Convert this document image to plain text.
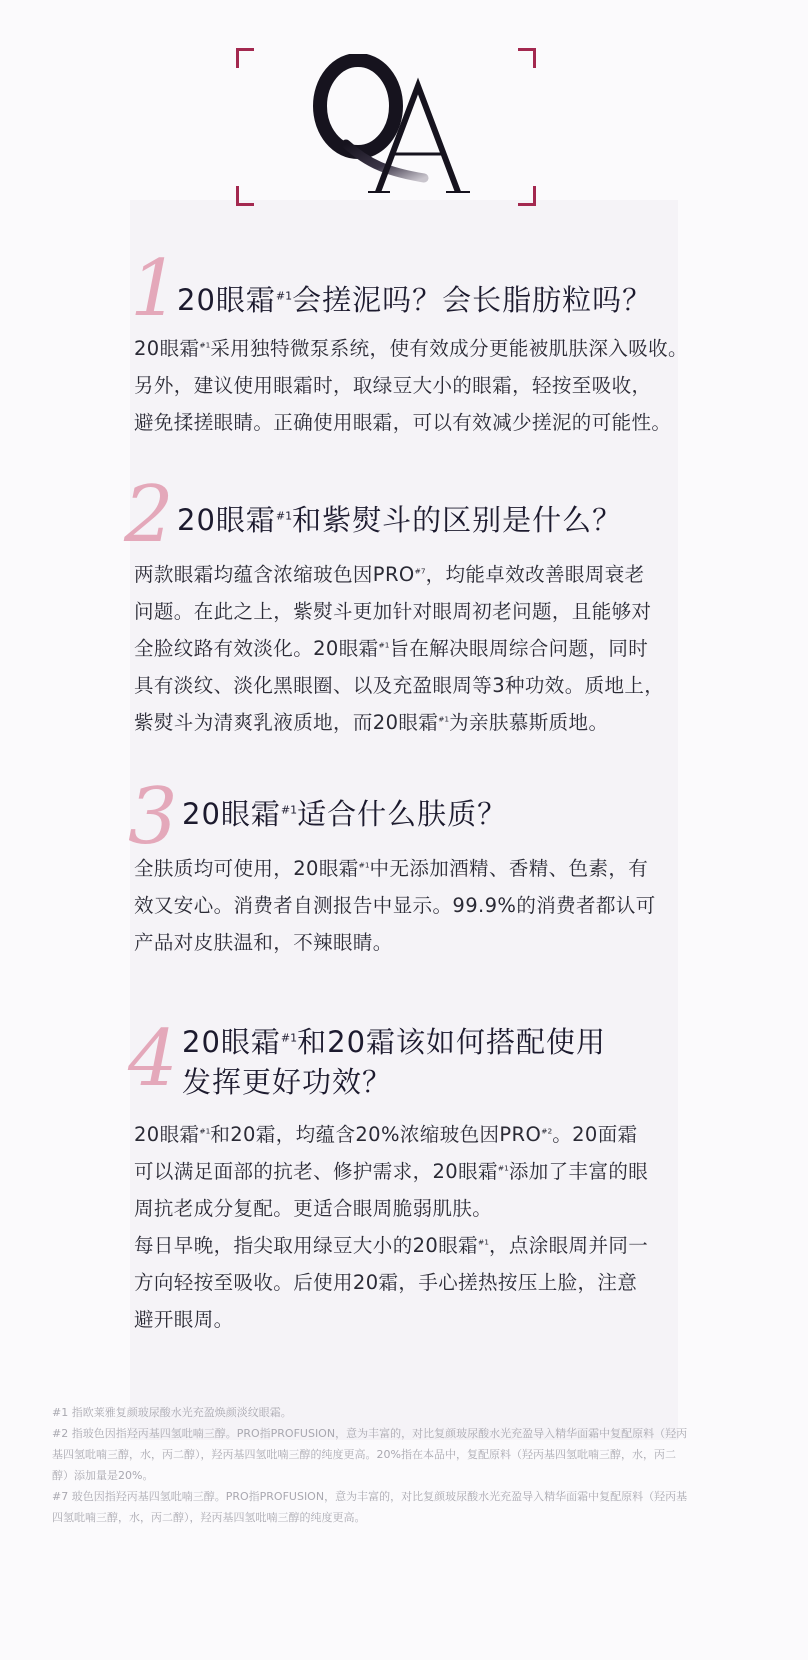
1
20眼霜$^{\#1}$会搓泥吗？会长脂肪粒吗？

20眼霜$^{\#1}$采用独特微泵系统，使有效成分更能被肌肤深入吸收。

另外，建议使用眼霜时，取绿豆大小的眼霜，轻按至吸收，

避免揉搓眼睛。正确使用眼霜，可以有效减少搓泥的可能性。

2 20眼霜$^{\#1}$和紫熨斗的区别是什么？

两款眼霜均蕴含浓缩玻色因PRO$^{\#7}$，均能卓效改善眼周衰老

问题。在此之上，紫熨斗更加针对眼周初老问题，且能够对

全脸纹路有效淡化。20眼霜$^{\#1}$旨在解决眼周综合问题，同时

具有淡纹、淡化黑眼圈、以及充盈眼周等3种功效。质地上，

紫熨斗为清爽乳液质地，而20眼霜$^{\#1}$为亲肤慕斯质地。

3 20眼霜$^{\#1}$适合什么肤质？

全肤质均可使用，20眼霜$^{\#1}$中无添加酒精、香精、色素，有

效又安心。消费者自测报告中显示。99.9%的消费者都认可

产品对皮肤温和，不辣眼睛。

4 20眼霜$^{\#1}$和20霜该如何搭配使用
发挥更好功效？

20眼霜$^{\#1}$和20霜，均蕴含20%浓缩玻色因PRO$^{\#2}$。20面霜

可以满足面部的抗老、修护需求，20眼霜$^{\#1}$添加了丰富的眼

周抗老成分复配。更适合眼周脆弱肌肤。

每日早晚，指尖取用绿豆大小的20眼霜$^{\#1}$，点涂眼周并同一

方向轻按至吸收。后使用20霜，手心搓热按压上脸，注意

避开眼周。

#1 指欧莱雅复颜玻尿酸水光充盈焕颜淡纹眼霜。

#2 指玻色因指羟丙基四氢吡喃三醇。PRO指PROFUSION，意为丰富的，对比复颜玻尿酸水光充盈导入精华面霜中复配原料（羟丙

基四氢吡喃三醇，水，丙二醇），羟丙基四氢吡喃三醇的纯度更高。20%指在本品中，复配原料（羟丙基四氢吡喃三醇，水，丙二

醇）添加量是20%。

#7 玻色因指羟丙基四氢吡喃三醇。PRO指PROFUSION，意为丰富的，对比复颜玻尿酸水光充盈导入精华面霜中复配原料（羟丙基

四氢吡喃三醇，水，丙二醇），羟丙基四氢吡喃三醇的纯度更高。
